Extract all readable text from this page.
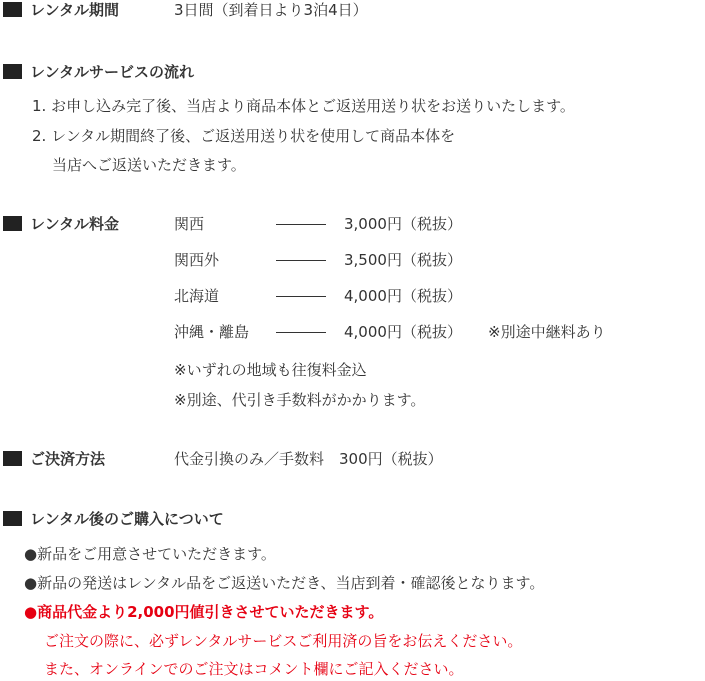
レンタル期間	3日間（到着日より3泊4日）
レンタルサービスの流れ
1. お申し込み完了後、当店より商品本体とご返送用送り状をお送りいたします。
2. レンタル期間終了後、ご返送用送り状を使用して商品本体を
当店へご返送いただきます。
レンタル料金	関西	3,000円（税抜）
関西外	3,500円（税抜）
北海道	4,000円（税抜）
沖縄・離島	4,000円（税抜） ※別途中継料あり
※いずれの地域も往復料金込
※別途、代引き手数料がかかります。
ご決済方法	代金引換のみ／手数料　300円（税抜）
レンタル後のご購入について
●新品をご用意させていただきます。
●新品の発送はレンタル品をご返送いただき、当店到着・確認後となります。
●商品代金より2,000円値引きさせていただきます。
ご注文の際に、必ずレンタルサービスご利用済の旨をお伝えください。
また、オンラインでのご注文はコメント欄にご記入ください。
